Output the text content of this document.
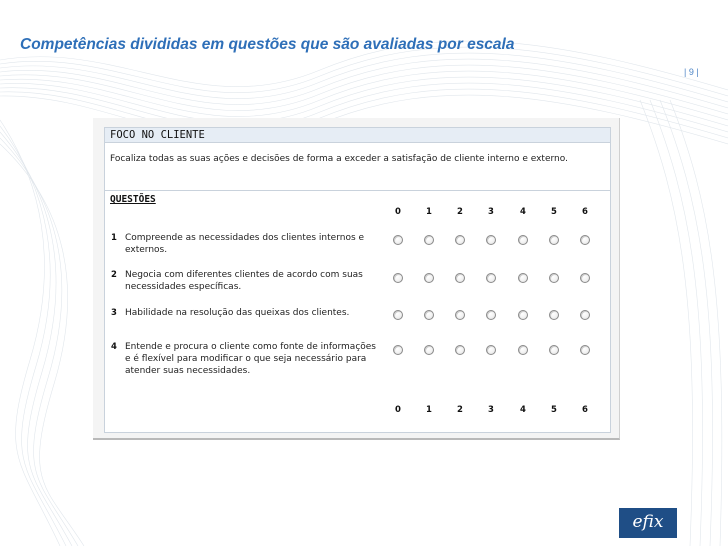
Competências divididas em questões que são avaliadas por escala
| 9 |
FOCO NO CLIENTE
Focaliza todas as suas ações e decisões de forma a exceder a satisfação de cliente interno e externo.
QUESTÕES
0	1	2	3	4	5	6
1 Compreende as necessidades dos clientes internos e externos.
2 Negocia com diferentes clientes de acordo com suas necessidades específicas.
3 Habilidade na resolução das queixas dos clientes.
4 Entende e procura o cliente como fonte de informações e é flexível para modificar o que seja necessário para atender suas necessidades.
0	1	2	3	4	5	6
efix
